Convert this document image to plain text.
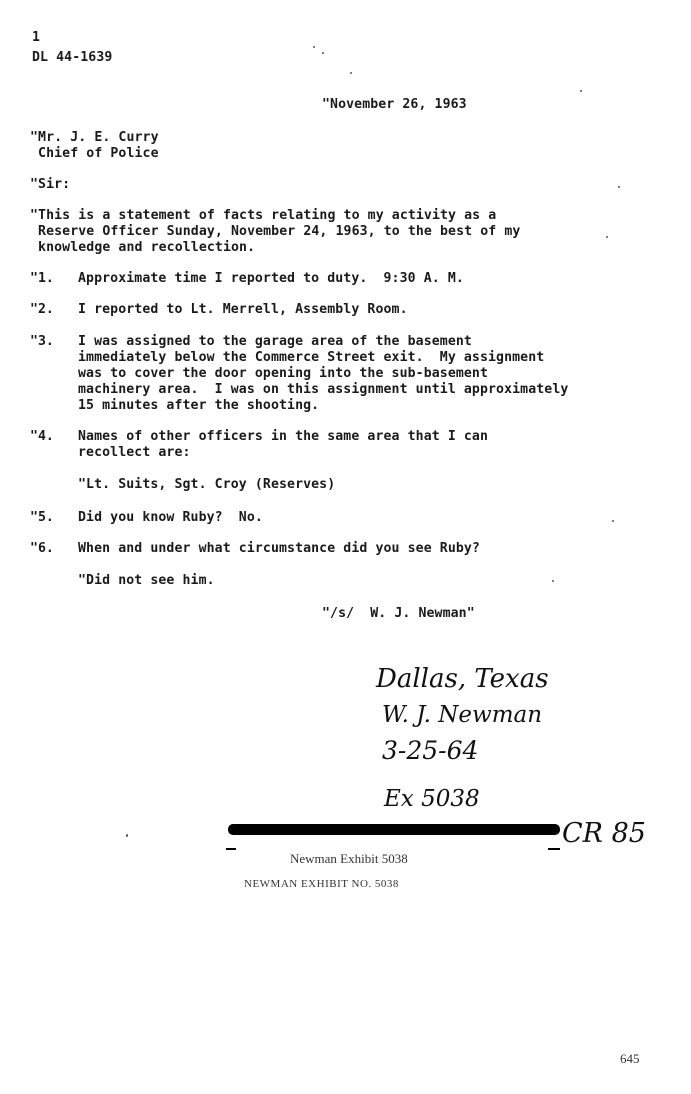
1
DL 44-1639
"November 26, 1963
"Mr. J. E. Curry
Chief of Police
"Sir:
"This is a statement of facts relating to my activity as a
Reserve Officer Sunday, November 24, 1963, to the best of my
knowledge and recollection.
"1. Approximate time I reported to duty.  9:30 A. M.
"2. I reported to Lt. Merrell, Assembly Room.
"3. I was assigned to the garage area of the basement
immediately below the Commerce Street exit.  My assignment
was to cover the door opening into the sub-basement
machinery area.  I was on this assignment until approximately
15 minutes after the shooting.
"4. Names of other officers in the same area that I can
recollect are:
"Lt. Suits, Sgt. Croy (Reserves)
"5. Did you know Ruby?  No.
"6. When and under what circumstance did you see Ruby?
"Did not see him.
"/s/  W. J. Newman"
Dallas, Texas
W. J. Newman
3-25-64
Ex 5038
CR 85
Newman Exhibit 5038
NEWMAN EXHIBIT NO. 5038
645
